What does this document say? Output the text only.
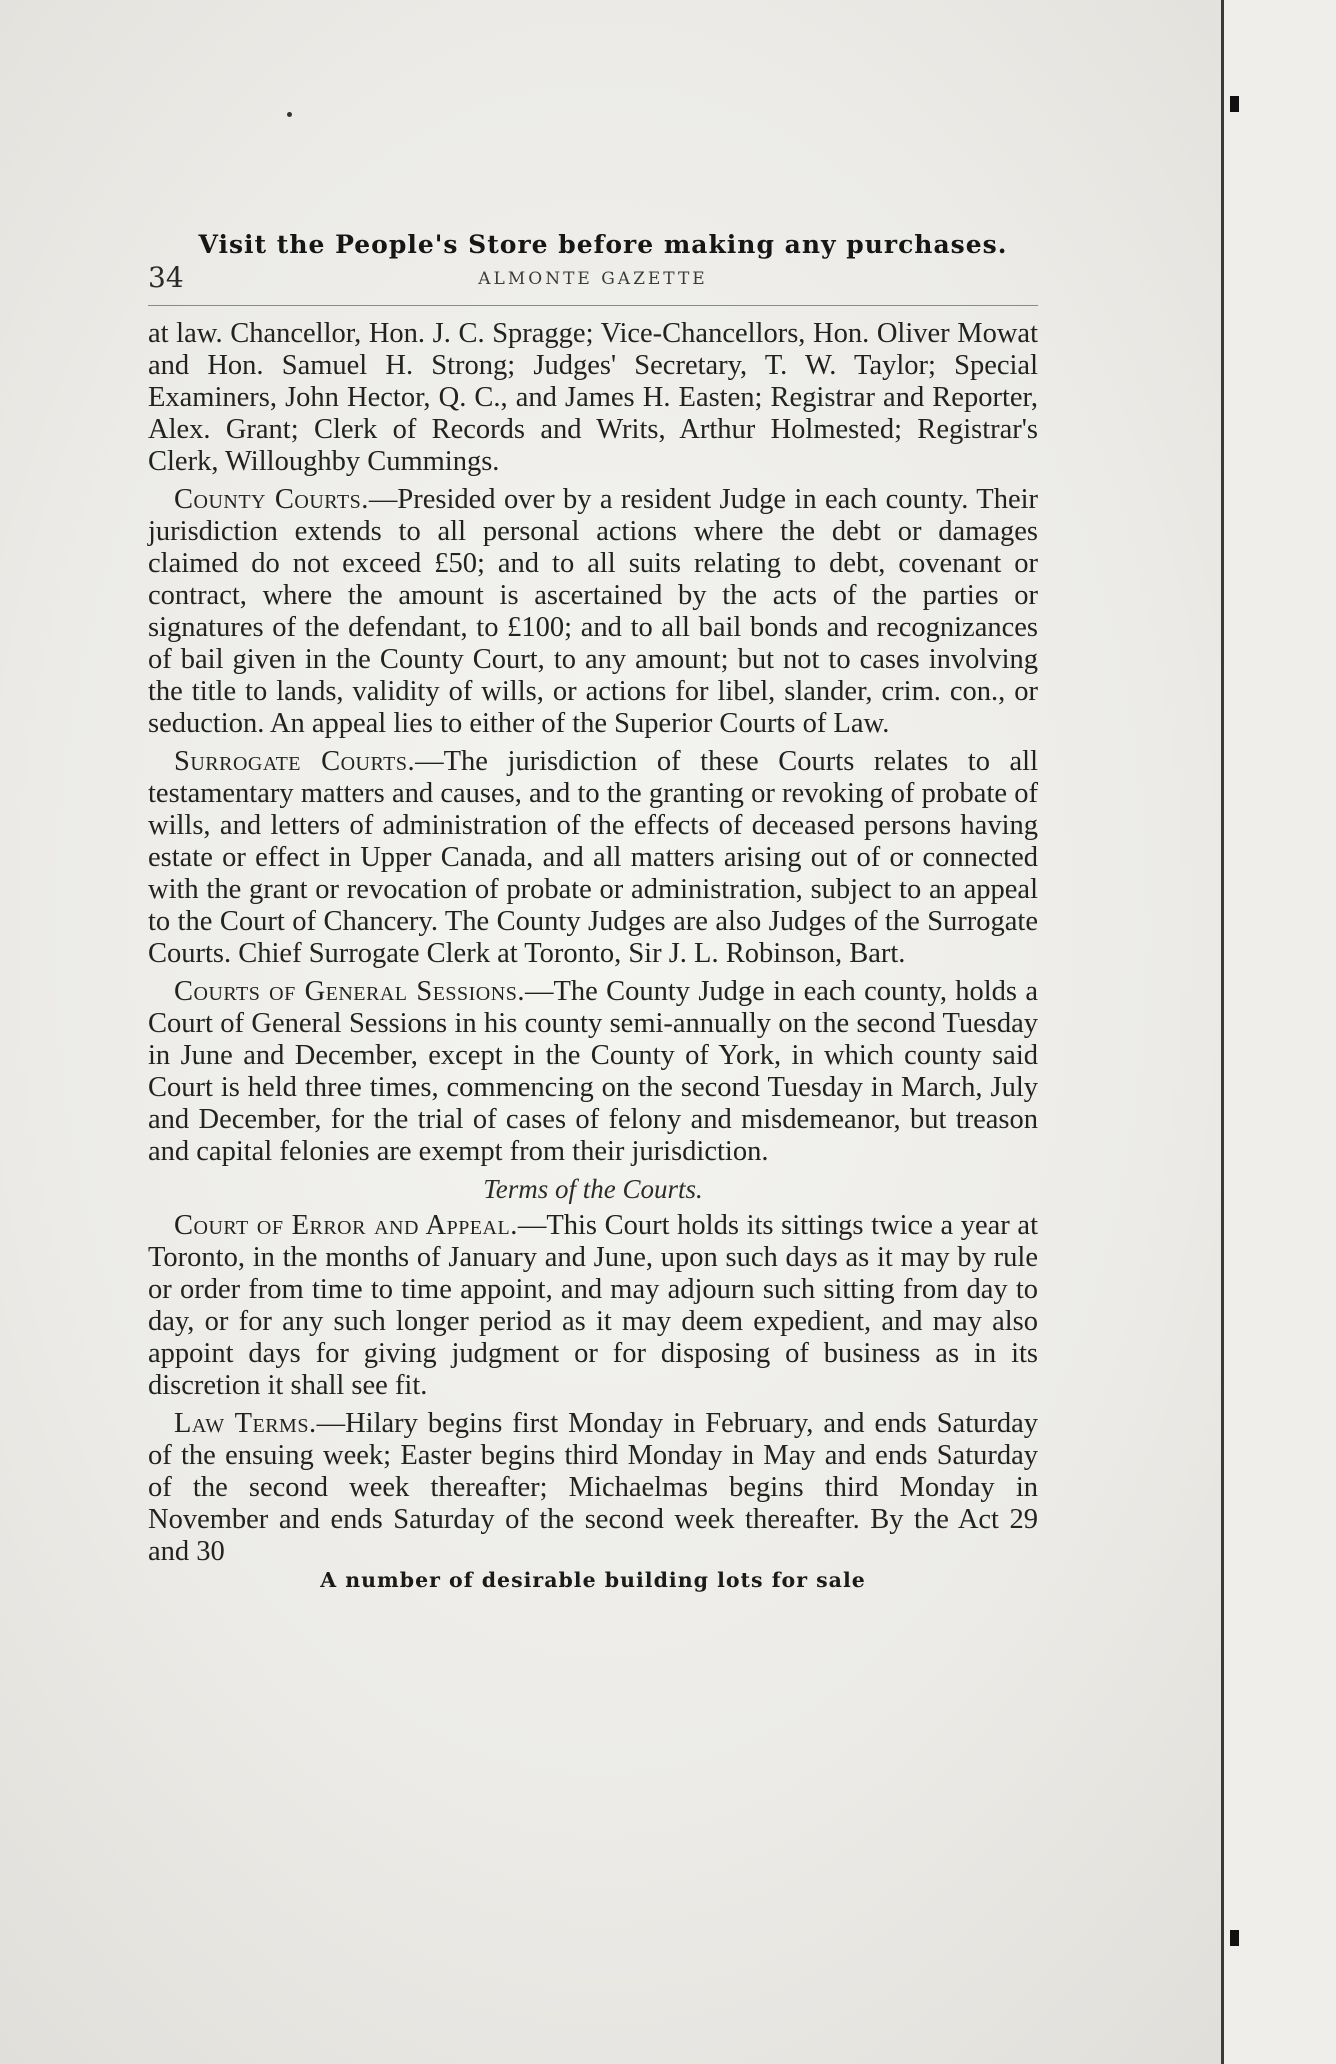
Visit the People's Store before making any purchases.
34	ALMONTE GAZETTE

at law. Chancellor, Hon. J. C. Spragge; Vice-Chancellors, Hon. Oliver Mowat and Hon. Samuel H. Strong; Judges' Secretary, T. W. Taylor; Special Examiners, John Hector, Q. C., and James H. Easten; Registrar and Reporter, Alex. Grant; Clerk of Records and Writs, Arthur Holmested; Registrar's Clerk, Willoughby Cummings.

County Courts.—Presided over by a resident Judge in each county. Their jurisdiction extends to all personal actions where the debt or damages claimed do not exceed £50; and to all suits relating to debt, covenant or contract, where the amount is ascertained by the acts of the parties or signatures of the defendant, to £100; and to all bail bonds and recognizances of bail given in the County Court, to any amount; but not to cases involving the title to lands, validity of wills, or actions for libel, slander, crim. con., or seduction. An appeal lies to either of the Superior Courts of Law.

Surrogate Courts.—The jurisdiction of these Courts relates to all testamentary matters and causes, and to the granting or revoking of probate of wills, and letters of administration of the effects of deceased persons having estate or effect in Upper Canada, and all matters arising out of or connected with the grant or revocation of probate or administration, subject to an appeal to the Court of Chancery. The County Judges are also Judges of the Surrogate Courts. Chief Surrogate Clerk at Toronto, Sir J. L. Robinson, Bart.

Courts of General Sessions.—The County Judge in each county, holds a Court of General Sessions in his county semi-annually on the second Tuesday in June and December, except in the County of York, in which county said Court is held three times, commencing on the second Tuesday in March, July and December, for the trial of cases of felony and misdemeanor, but treason and capital felonies are exempt from their jurisdiction.

Terms of the Courts.

Court of Error and Appeal.—This Court holds its sittings twice a year at Toronto, in the months of January and June, upon such days as it may by rule or order from time to time appoint, and may adjourn such sitting from day to day, or for any such longer period as it may deem expedient, and may also appoint days for giving judgment or for disposing of business as in its discretion it shall see fit.

Law Terms.—Hilary begins first Monday in February, and ends Saturday of the ensuing week; Easter begins third Monday in May and ends Saturday of the second week thereafter; Michaelmas begins third Monday in November and ends Saturday of the second week thereafter. By the Act 29 and 30

A number of desirable building lots for sale
